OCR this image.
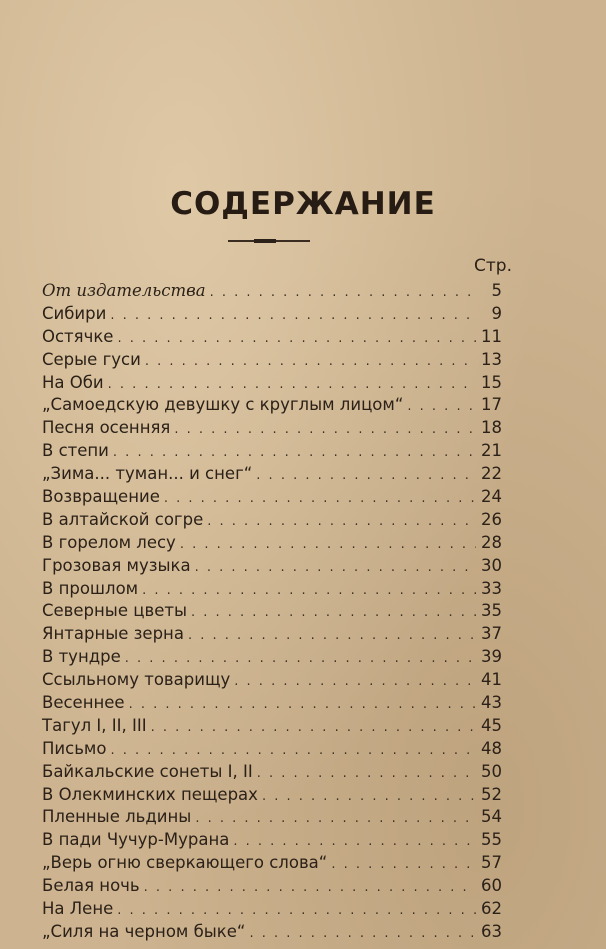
СОДЕРЖАНИЕ
Стр.
От издательства . . .	5
Сибири . . .	9
Остячке . . .	11
Серые гуси . . .	13
На Оби . . .	15
„Самоедскую девушку с круглым лицом“ . . .	17
Песня осенняя . . .	18
В степи . . .	21
„Зима... туман... и снег“ . . .	22
Возвращение . . .	24
В алтайской согре . . .	26
В горелом лесу . . .	28
Грозовая музыка . . .	30
В прошлом . . .	33
Северные цветы . . .	35
Янтарные зерна . . .	37
В тундре . . .	39
Ссыльному товарищу . . .	41
Весеннее . . .	43
Тагул I, II, III . . .	45
Письмо . . .	48
Байкальские сонеты I, II . . .	50
В Олекминских пещерах . . .	52
Пленные льдины . . .	54
В пади Чучур-Мурана . . .	55
„Верь огню сверкающего слова“ . . .	57
Белая ночь . . .	60
На Лене . . .	62
„Силя на черном быке“ . . .	63
